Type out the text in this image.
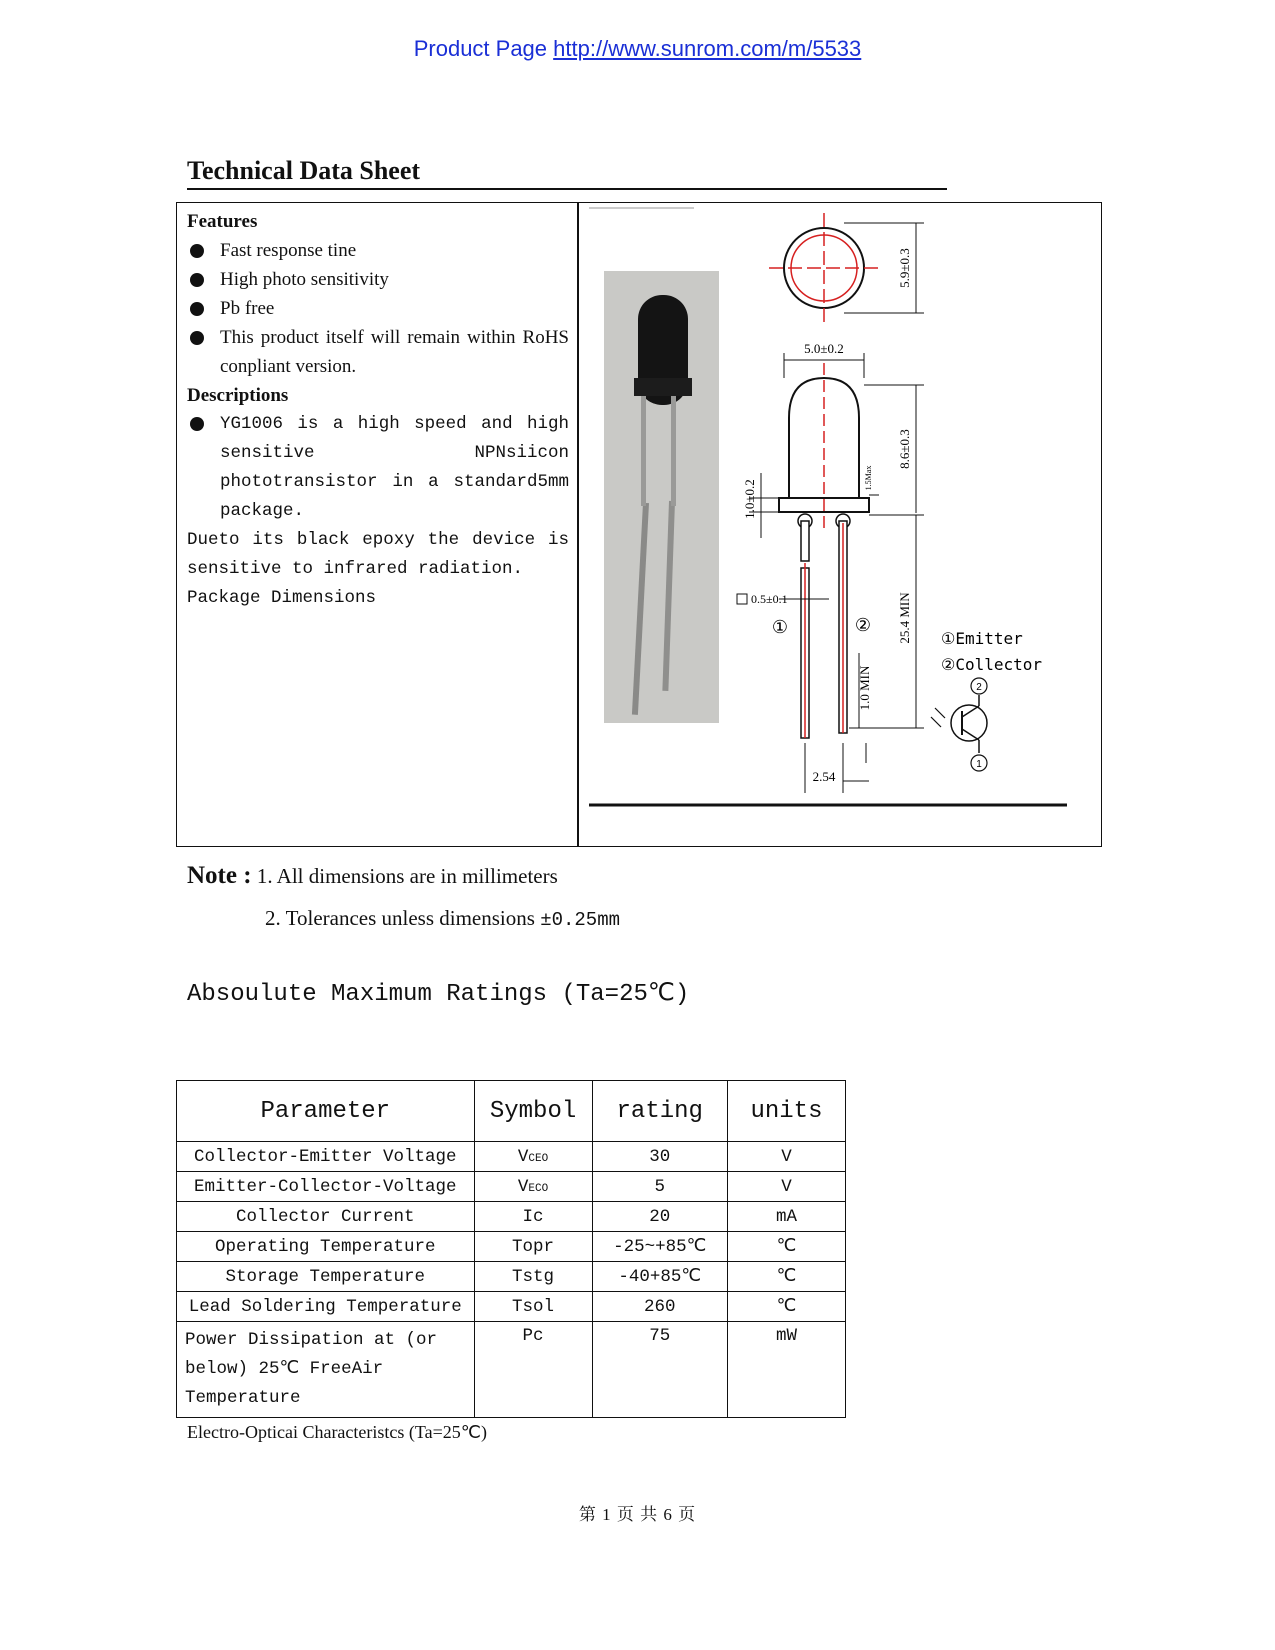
Product Page http://www.sunrom.com/m/5533
Technical Data Sheet
Features
Fast response tine
High photo sensitivity
Pb free
This product itself will remain within RoHS conpliant version.
Descriptions
YG1006 is a high speed and high sensitive NPNsiicon phototransistor in a standard5mm package.
Dueto its black epoxy the device is sensitive to infrared radiation.
Package Dimensions
5.9±0.3
5.0±0.2
8.6±0.3
1.5Max
1.0±0.2
0.5±0.1
①	② 25.4 MIN
1.0 MIN
2.54
①Emitter
②Collector
2
1
Note : 1. All dimensions are in millimeters
2. Tolerances unless dimensions ±0.25mm
Absoulute Maximum Ratings (Ta=25℃)
Parameter	Symbol	rating	units
Collector-Emitter Voltage	VCEO	30	V
Emitter-Collector-Voltage	VECO	5	V
Collector Current	Ic	20	mA
Operating Temperature	Topr	-25~+85℃	℃
Storage Temperature	Tstg	-40+85℃	℃
Lead Soldering Temperature	Tsol	260	℃
Power Dissipation at (or below) 25℃ FreeAir Temperature	Pc	75	mW
Electro-Opticai Characteristcs (Ta=25℃)
第 1 页 共 6 页
